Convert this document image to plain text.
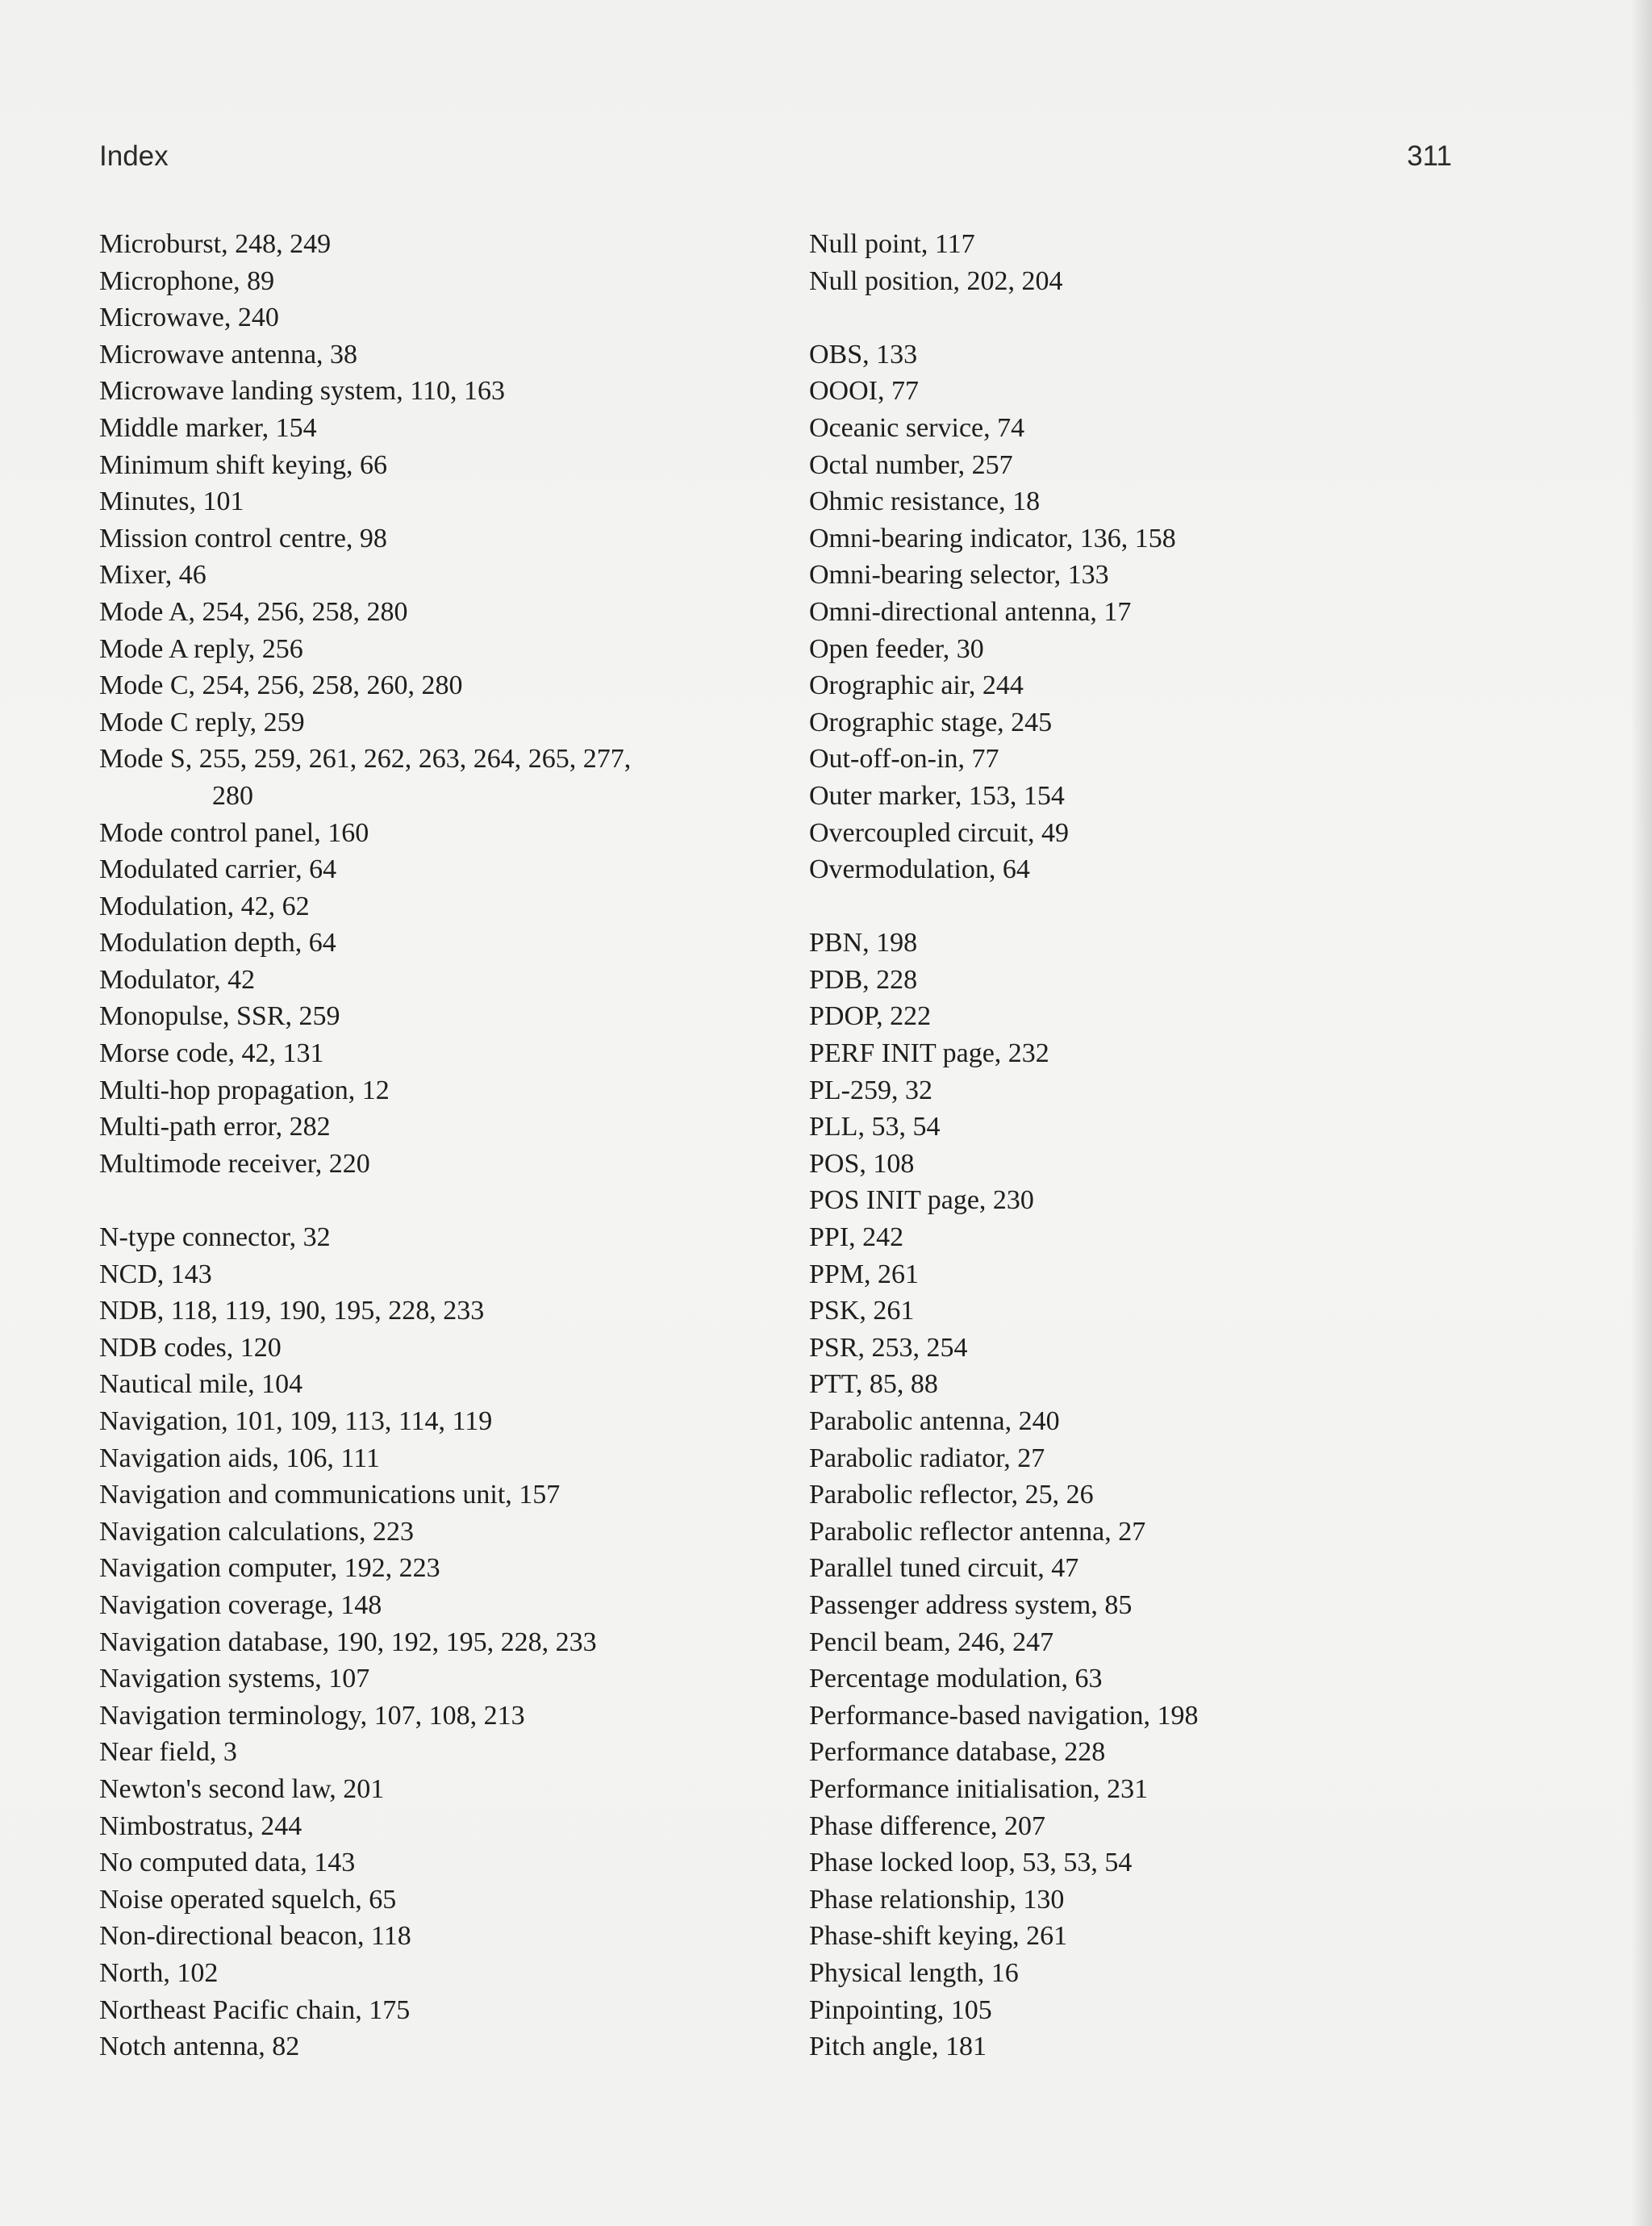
Index	311
Microburst, 248, 249
Microphone, 89
Microwave, 240
Microwave antenna, 38
Microwave landing system, 110, 163
Middle marker, 154
Minimum shift keying, 66
Minutes, 101
Mission control centre, 98
Mixer, 46
Mode A, 254, 256, 258, 280
Mode A reply, 256
Mode C, 254, 256, 258, 260, 280
Mode C reply, 259
Mode S, 255, 259, 261, 262, 263, 264, 265, 277,
280
Mode control panel, 160
Modulated carrier, 64
Modulation, 42, 62
Modulation depth, 64
Modulator, 42
Monopulse, SSR, 259
Morse code, 42, 131
Multi-hop propagation, 12
Multi-path error, 282
Multimode receiver, 220
N-type connector, 32
NCD, 143
NDB, 118, 119, 190, 195, 228, 233
NDB codes, 120
Nautical mile, 104
Navigation, 101, 109, 113, 114, 119
Navigation aids, 106, 111
Navigation and communications unit, 157
Navigation calculations, 223
Navigation computer, 192, 223
Navigation coverage, 148
Navigation database, 190, 192, 195, 228, 233
Navigation systems, 107
Navigation terminology, 107, 108, 213
Near field, 3
Newton's second law, 201
Nimbostratus, 244
No computed data, 143
Noise operated squelch, 65
Non-directional beacon, 118
North, 102
Northeast Pacific chain, 175
Notch antenna, 82
Null point, 117
Null position, 202, 204
OBS, 133
OOOI, 77
Oceanic service, 74
Octal number, 257
Ohmic resistance, 18
Omni-bearing indicator, 136, 158
Omni-bearing selector, 133
Omni-directional antenna, 17
Open feeder, 30
Orographic air, 244
Orographic stage, 245
Out-off-on-in, 77
Outer marker, 153, 154
Overcoupled circuit, 49
Overmodulation, 64
PBN, 198
PDB, 228
PDOP, 222
PERF INIT page, 232
PL-259, 32
PLL, 53, 54
POS, 108
POS INIT page, 230
PPI, 242
PPM, 261
PSK, 261
PSR, 253, 254
PTT, 85, 88
Parabolic antenna, 240
Parabolic radiator, 27
Parabolic reflector, 25, 26
Parabolic reflector antenna, 27
Parallel tuned circuit, 47
Passenger address system, 85
Pencil beam, 246, 247
Percentage modulation, 63
Performance-based navigation, 198
Performance database, 228
Performance initialisation, 231
Phase difference, 207
Phase locked loop, 53, 53, 54
Phase relationship, 130
Phase-shift keying, 261
Physical length, 16
Pinpointing, 105
Pitch angle, 181
